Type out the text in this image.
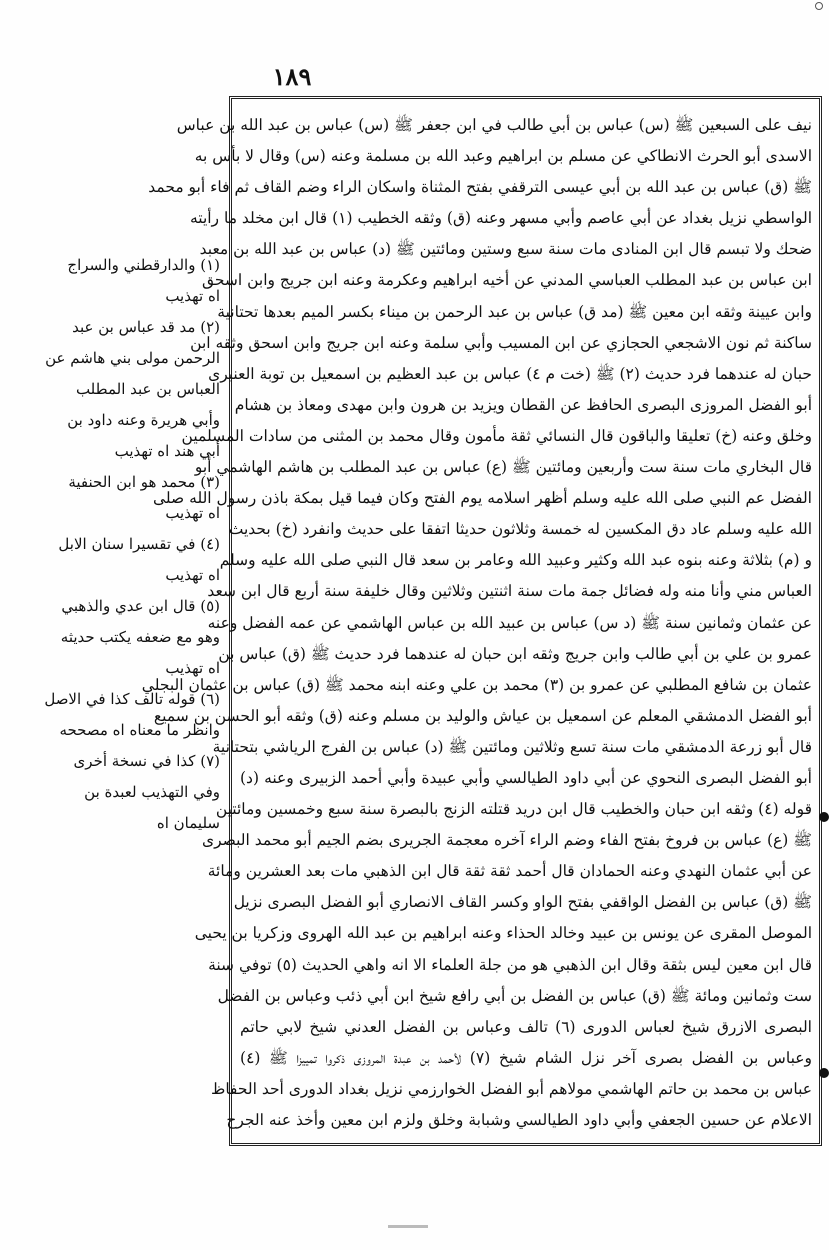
١٨٩
نيف على السبعين ﷺ (س) عباس بن أبي طالب في ابن جعفر ﷺ (س) عباس بن عبد الله بن عباس
الاسدى أبو الحرث الانطاكي عن مسلم بن ابراهيم وعبد الله بن مسلمة وعنه (س) وقال لا بأس به
ﷺ (ق) عباس بن عبد الله بن أبي عيسى الترقفي بفتح المثناة واسكان الراء وضم القاف ثم فاء أبو محمد
الواسطي نزيل بغداد عن أبي عاصم وأبي مسهر وعنه (ق) وثقه الخطيب (١) قال ابن مخلد ما رأيته
ضحك ولا تبسم قال ابن المنادى مات سنة سبع وستين ومائتين ﷺ (د) عباس بن عبد الله بن معبد
ابن عباس بن عبد المطلب العباسي المدني عن أخيه ابراهيم وعكرمة وعنه ابن جريج وابن اسحق
وابن عيينة وثقه ابن معين ﷺ (مد ق) عباس بن عبد الرحمن بن ميناء بكسر الميم بعدها تحتانية
ساكنة ثم نون الاشجعي الحجازي عن ابن المسيب وأبي سلمة وعنه ابن جريج وابن اسحق وثقه ابن
حبان له عندهما فرد حديث (٢) ﷺ (خت م ٤) عباس بن عبد العظيم بن اسمعيل بن توبة العنبرى
أبو الفضل المروزى البصرى الحافظ عن القطان ويزيد بن هرون وابن مهدى ومعاذ بن هشام
وخلق وعنه (خ) تعليقا والباقون قال النسائي ثقة مأمون وقال محمد بن المثنى من سادات المسلمين
قال البخاري مات سنة ست وأربعين ومائتين ﷺ (ع) عباس بن عبد المطلب بن هاشم الهاشمي أبو
الفضل عم النبي صلى الله عليه وسلم أظهر اسلامه يوم الفتح وكان فيما قيل بمكة باذن رسول الله صلى
الله عليه وسلم عاد دق المكسين له خمسة وثلاثون حديثا اتفقا على حديث وانفرد (خ) بحديث
و (م) بثلاثة وعنه بنوه عبد الله وكثير وعبيد الله وعامر بن سعد قال النبي صلى الله عليه وسلم
العباس مني وأنا منه وله فضائل جمة مات سنة اثنتين وثلاثين وقال خليفة سنة أربع قال ابن سعد
عن عثمان وثمانين سنة ﷺ (د س) عباس بن عبيد الله بن عباس الهاشمي عن عمه الفضل وعنه
عمرو بن علي بن أبي طالب وابن جريج وثقه ابن حبان له عندهما فرد حديث ﷺ (ق) عباس بن
عثمان بن شافع المطلبي عن عمرو بن (٣) محمد بن علي وعنه ابنه محمد ﷺ (ق) عباس بن عثمان البجلي
أبو الفضل الدمشقي المعلم عن اسمعيل بن عياش والوليد بن مسلم وعنه (ق) وثقه أبو الحسن بن سميع
قال أبو زرعة الدمشقي مات سنة تسع وثلاثين ومائتين ﷺ (د) عباس بن الفرج الرياشي بتحتانية
أبو الفضل البصرى النحوي عن أبي داود الطيالسي وأبي عبيدة وأبي أحمد الزبيرى وعنه (د)
قوله (٤) وثقه ابن حبان والخطيب قال ابن دريد قتلته الزنج بالبصرة سنة سبع وخمسين ومائتين
ﷺ (ع) عباس بن فروخ بفتح الفاء وضم الراء آخره معجمة الجريرى بضم الجيم أبو محمد البصرى
عن أبي عثمان النهدي وعنه الحمادان قال أحمد ثقة ثقة قال ابن الذهبي مات بعد العشرين ومائة
ﷺ (ق) عباس بن الفضل الواقفي بفتح الواو وكسر القاف الانصاري أبو الفضل البصرى نزيل
الموصل المقرى عن يونس بن عبيد وخالد الحذاء وعنه ابراهيم بن عبد الله الهروى وزكريا بن يحيى
قال ابن معين ليس بثقة وقال ابن الذهبي هو من جلة العلماء الا انه واهي الحديث (٥) توفي سنة
ست وثمانين ومائة ﷺ (ق) عباس بن الفضل بن أبي رافع شيخ ابن أبي ذئب وعباس بن الفضل
البصرى الازرق شيخ لعباس الدورى (٦) تالف وعباس بن الفضل العدني شيخ لابي حاتم
وعباس بن الفضل بصرى آخر نزل الشام شيخ (٧) لأحمد بن عبدة المروزى ذكروا تمييزا ﷺ (٤)
عباس بن محمد بن حاتم الهاشمي مولاهم أبو الفضل الخوارزمي نزيل بغداد الدورى أحد الحفاظ
الاعلام عن حسين الجعفي وأبي داود الطيالسي وشبابة وخلق ولزم ابن معين وأخذ عنه الجرح
(١) والدارقطني والسراج
اه تهذيب
(٢) مد قد عباس بن عبد
الرحمن مولى بني هاشم عن
العباس بن عبد المطلب
وأبي هريرة وعنه داود بن
أبي هند اه تهذيب
(٣) محمد هو ابن الحنفية
اه تهذيب
(٤) في تقسيرا سنان الابل
اه تهذيب
(٥) قال ابن عدي والذهبي
وهو مع ضعفه يكتب حديثه
اه تهذيب
(٦) قوله تالف كذا في الاصل
وانظر ما معناه اه مصححه
(٧) كذا في نسخة أخرى
وفي التهذيب لعبدة بن
سليمان اه
